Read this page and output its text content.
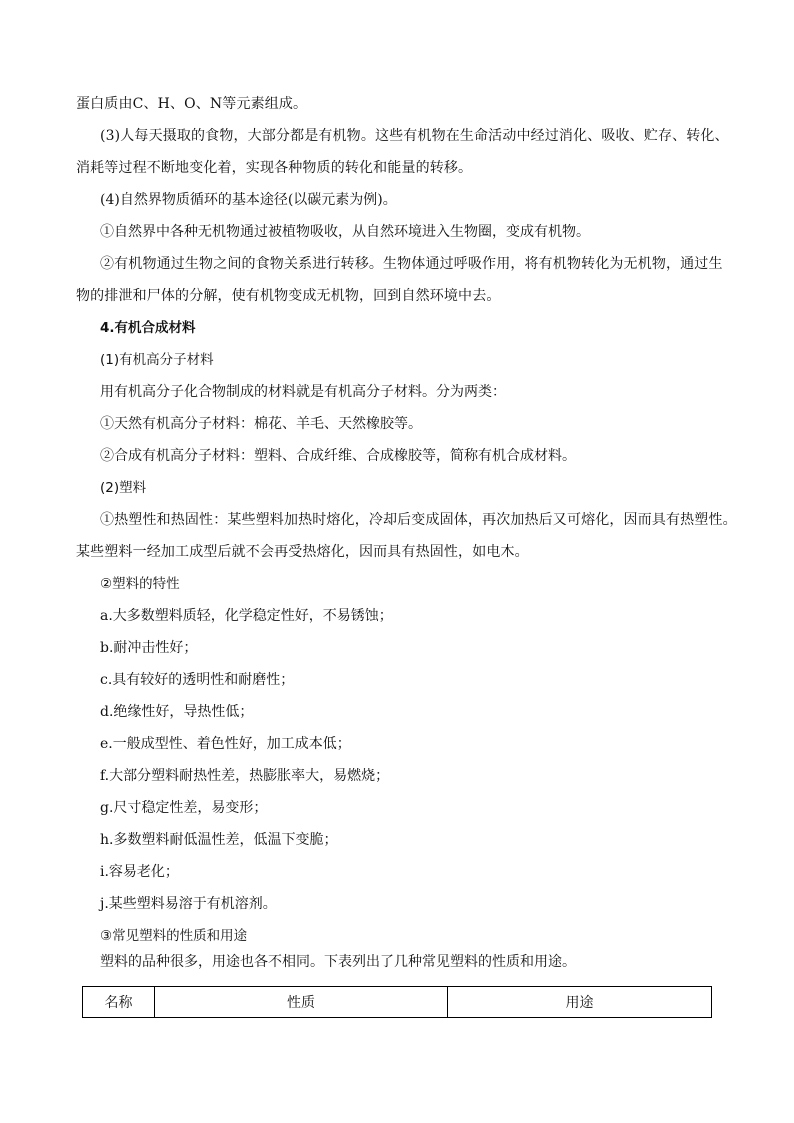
蛋白质由C、H、O、N等元素组成。
(3)人每天摄取的食物，大部分都是有机物。这些有机物在生命活动中经过消化、吸收、贮存、转化、
消耗等过程不断地变化着，实现各种物质的转化和能量的转移。
(4)自然界物质循环的基本途径(以碳元素为例)。
①自然界中各种无机物通过被植物吸收，从自然环境进入生物圈，变成有机物。
②有机物通过生物之间的食物关系进行转移。生物体通过呼吸作用，将有机物转化为无机物，通过生
物的排泄和尸体的分解，使有机物变成无机物，回到自然环境中去。
4.有机合成材料
(1)有机高分子材料
用有机高分子化合物制成的材料就是有机高分子材料。分为两类：
①天然有机高分子材料：棉花、羊毛、天然橡胶等。
②合成有机高分子材料：塑料、合成纤维、合成橡胶等，简称有机合成材料。
(2)塑料
①热塑性和热固性：某些塑料加热时熔化，冷却后变成固体，再次加热后又可熔化，因而具有热塑性。
某些塑料一经加工成型后就不会再受热熔化，因而具有热固性，如电木。
②塑料的特性
a.大多数塑料质轻，化学稳定性好，不易锈蚀；
b.耐冲击性好；
c.具有较好的透明性和耐磨性；
d.绝缘性好，导热性低；
e.一般成型性、着色性好，加工成本低；
f.大部分塑料耐热性差，热膨胀率大，易燃烧；
g.尺寸稳定性差，易变形；
h.多数塑料耐低温性差，低温下变脆；
i.容易老化；
j.某些塑料易溶于有机溶剂。
③常见塑料的性质和用途
塑料的品种很多，用途也各不相同。下表列出了几种常见塑料的性质和用途。
名称	性质	用途
